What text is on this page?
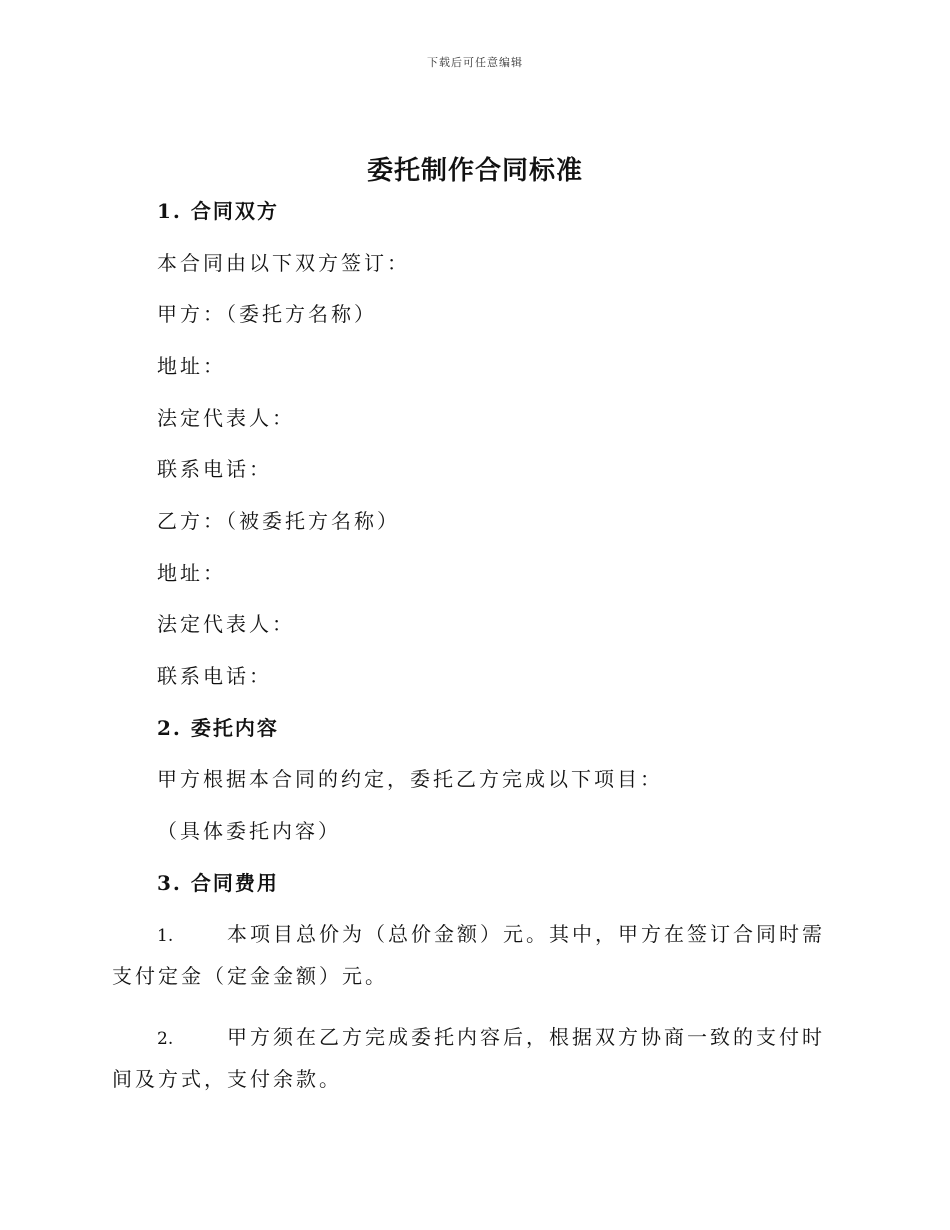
下载后可任意编辑
委托制作合同标准
1. 合同双方
本合同由以下双方签订：
甲方：（委托方名称）
地址：
法定代表人：
联系电话：
乙方：（被委托方名称）
地址：
法定代表人：
联系电话：
2. 委托内容
甲方根据本合同的约定，委托乙方完成以下项目：
（具体委托内容）
3. 合同费用
1.	本项目总价为（总价金额）元。其中，甲方在签订合同时需支付定金（定金金额）元。
2.	甲方须在乙方完成委托内容后，根据双方协商一致的支付时间及方式，支付余款。
